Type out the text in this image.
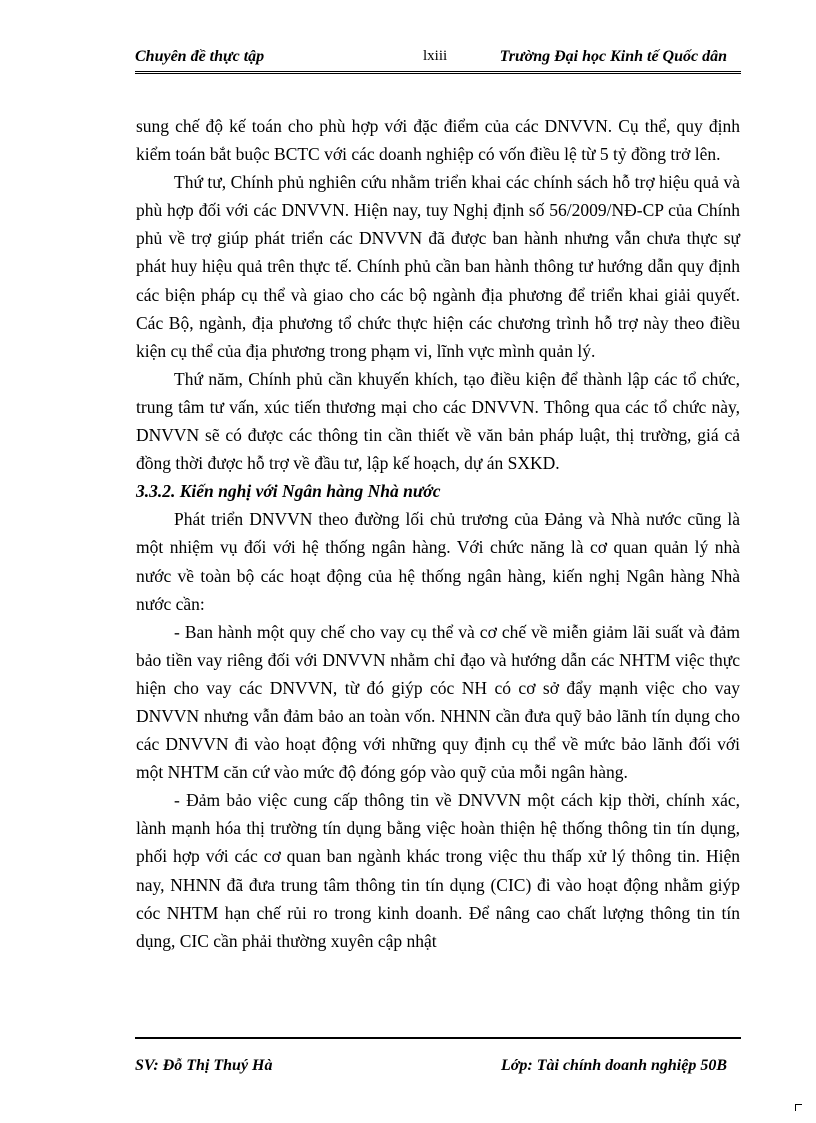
Chuyên đề thực tập	lxiii	Trường Đại học Kinh tế Quốc dân

sung chế độ kế toán cho phù hợp với đặc điểm của các DNVVN. Cụ thể, quy định kiểm toán bắt buộc BCTC với các doanh nghiệp có vốn điều lệ từ 5 tỷ đồng trở lên.

Thứ tư, Chính phủ nghiên cứu nhằm triển khai các chính sách hỗ trợ hiệu quả và phù hợp đối với các DNVVN. Hiện nay, tuy Nghị định số 56/2009/NĐ-CP của Chính phủ về trợ giúp phát triển các DNVVN đã được ban hành nhưng vẫn chưa thực sự phát huy hiệu quả trên thực tế. Chính phủ cần ban hành thông tư hướng dẫn quy định các biện pháp cụ thể và giao cho các bộ ngành địa phương để triển khai giải quyết. Các Bộ, ngành, địa phương tổ chức thực hiện các chương trình hỗ trợ này theo điều kiện cụ thể của địa phương trong phạm vi, lĩnh vực mình quản lý.

Thứ năm, Chính phủ cần khuyến khích, tạo điều kiện để thành lập các tổ chức, trung tâm tư vấn, xúc tiến thương mại cho các DNVVN. Thông qua các tổ chức này, DNVVN sẽ có được các thông tin cần thiết về văn bản pháp luật, thị trường, giá cả đồng thời được hỗ trợ về đầu tư, lập kế hoạch, dự án SXKD.

3.3.2. Kiến nghị với Ngân hàng Nhà nước

Phát triển DNVVN theo đường lối chủ trương của Đảng và Nhà nước cũng là một nhiệm vụ đối với hệ thống ngân hàng. Với chức năng là cơ quan quản lý nhà nước về toàn bộ các hoạt động của hệ thống ngân hàng, kiến nghị Ngân hàng Nhà nước cần:

- Ban hành một quy chế cho vay cụ thể và cơ chế về miễn giảm lãi suất và đảm bảo tiền vay riêng đối với DNVVN nhằm chỉ đạo và hướng dẫn các NHTM việc thực hiện cho vay các DNVVN, từ đó giýp cóc NH có cơ sở đẩy mạnh việc cho vay DNVVN nhưng vẫn đảm bảo an toàn vốn. NHNN cần đưa quỹ bảo lãnh tín dụng cho các DNVVN đi vào hoạt động với những quy định cụ thể về mức bảo lãnh đối với một NHTM căn cứ vào mức độ đóng góp vào quỹ của mỗi ngân hàng.

- Đảm bảo việc cung cấp thông tin về DNVVN một cách kịp thời, chính xác, lành mạnh hóa thị trường tín dụng bằng việc hoàn thiện hệ thống thông tin tín dụng, phối hợp với các cơ quan ban ngành khác trong việc thu thấp xử lý thông tin. Hiện nay, NHNN đã đưa trung tâm thông tin tín dụng (CIC) đi vào hoạt động nhằm giýp cóc NHTM hạn chế rủi ro trong kinh doanh. Để nâng cao chất lượng thông tin tín dụng, CIC cần phải thường xuyên cập nhật

SV: Đỗ Thị Thuý Hà	Lớp: Tài chính doanh nghiệp 50B
